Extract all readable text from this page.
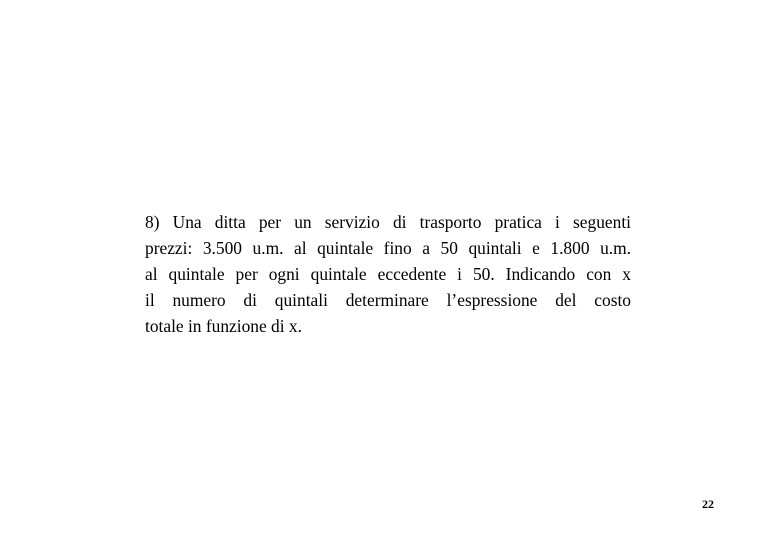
8) Una ditta per un servizio di trasporto pratica i seguenti
prezzi: 3.500 u.m. al quintale fino a 50 quintali e 1.800 u.m.
al quintale per ogni quintale eccedente i 50. Indicando con x
il numero di quintali determinare l’espressione del costo
totale in funzione di x.
22
